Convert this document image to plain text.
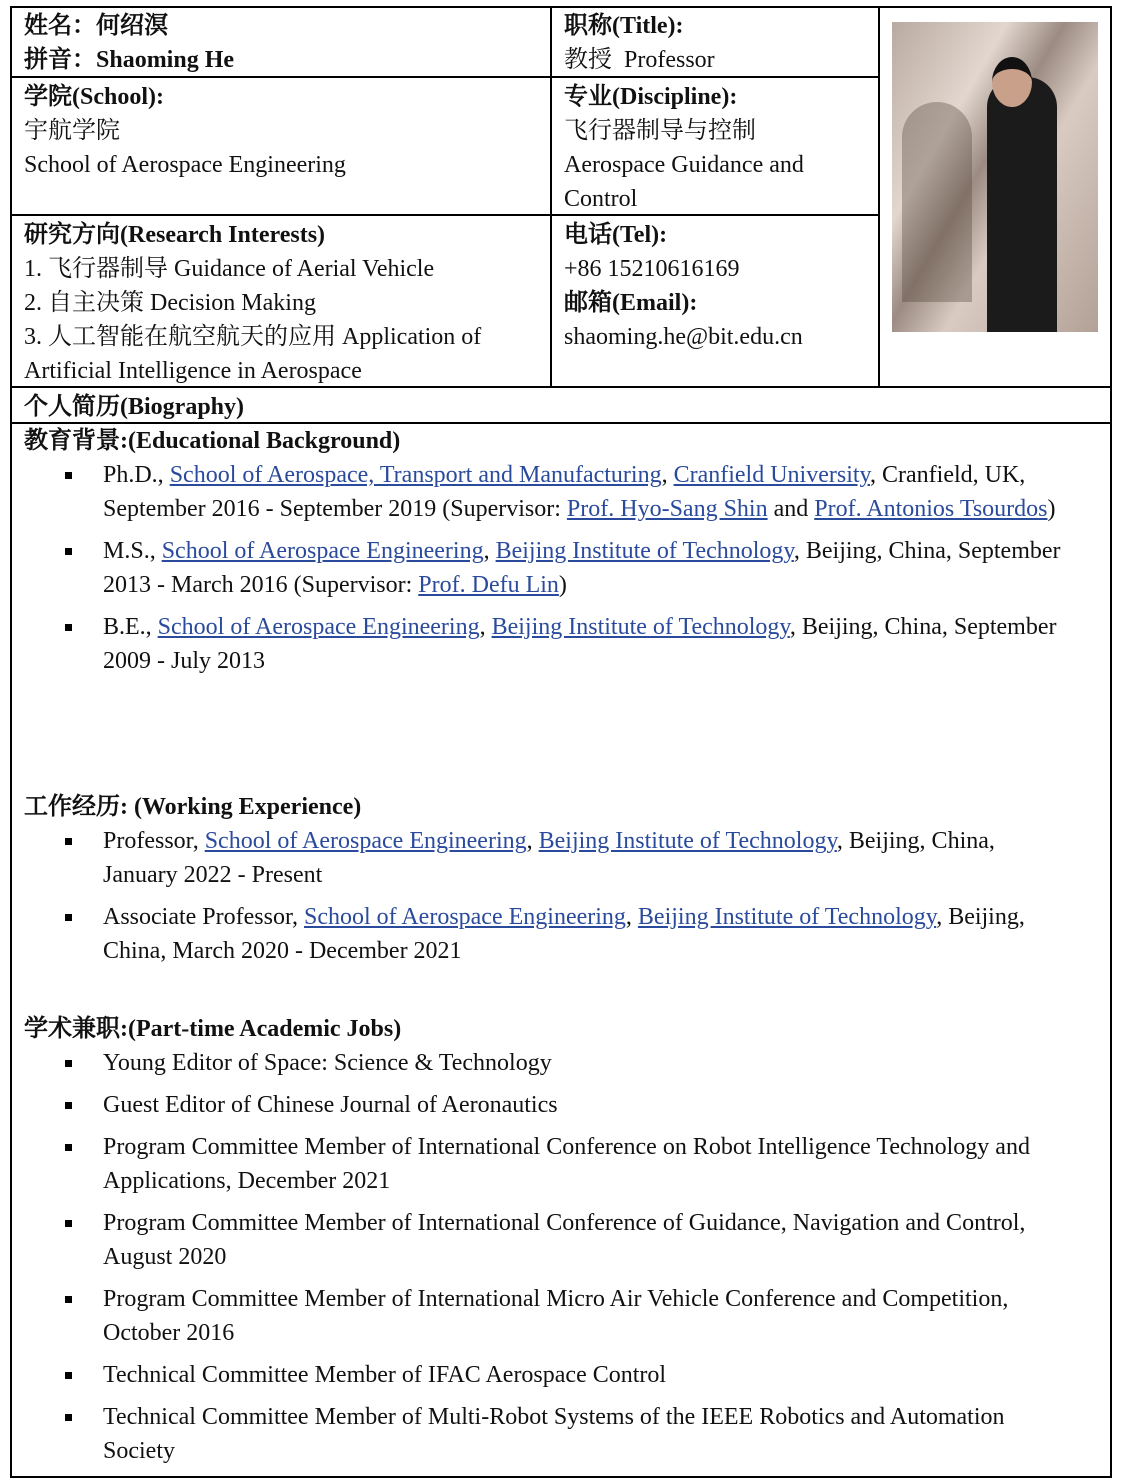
姓名：何绍溟
拼音：Shaoming He
职称(Title):
教授  Professor
学院(School):
宇航学院
School of Aerospace Engineering
专业(Discipline):
飞行器制导与控制
Aerospace Guidance and Control
研究方向(Research Interests)
1. 飞行器制导 Guidance of Aerial Vehicle
2. 自主决策 Decision Making
3. 人工智能在航空航天的应用 Application of Artificial Intelligence in Aerospace
电话(Tel):
+86 15210616169
邮箱(Email):
shaoming.he@bit.edu.cn
个人简历(Biography)
教育背景:(Educational Background)
Ph.D., School of Aerospace, Transport and Manufacturing, Cranfield University, Cranfield, UK, September 2016 - September 2019 (Supervisor: Prof. Hyo-Sang Shin and Prof. Antonios Tsourdos)
M.S., School of Aerospace Engineering, Beijing Institute of Technology, Beijing, China, September 2013 - March 2016 (Supervisor: Prof. Defu Lin)
B.E., School of Aerospace Engineering, Beijing Institute of Technology, Beijing, China, September 2009 - July 2013
工作经历: (Working Experience)
Professor, School of Aerospace Engineering, Beijing Institute of Technology, Beijing, China, January 2022 - Present
Associate Professor, School of Aerospace Engineering, Beijing Institute of Technology, Beijing, China, March 2020 - December 2021
学术兼职:(Part-time Academic Jobs)
Young Editor of Space: Science & Technology
Guest Editor of Chinese Journal of Aeronautics
Program Committee Member of International Conference on Robot Intelligence Technology and Applications, December 2021
Program Committee Member of International Conference of Guidance, Navigation and Control, August 2020
Program Committee Member of International Micro Air Vehicle Conference and Competition, October 2016
Technical Committee Member of IFAC Aerospace Control
Technical Committee Member of Multi-Robot Systems of the IEEE Robotics and Automation Society
